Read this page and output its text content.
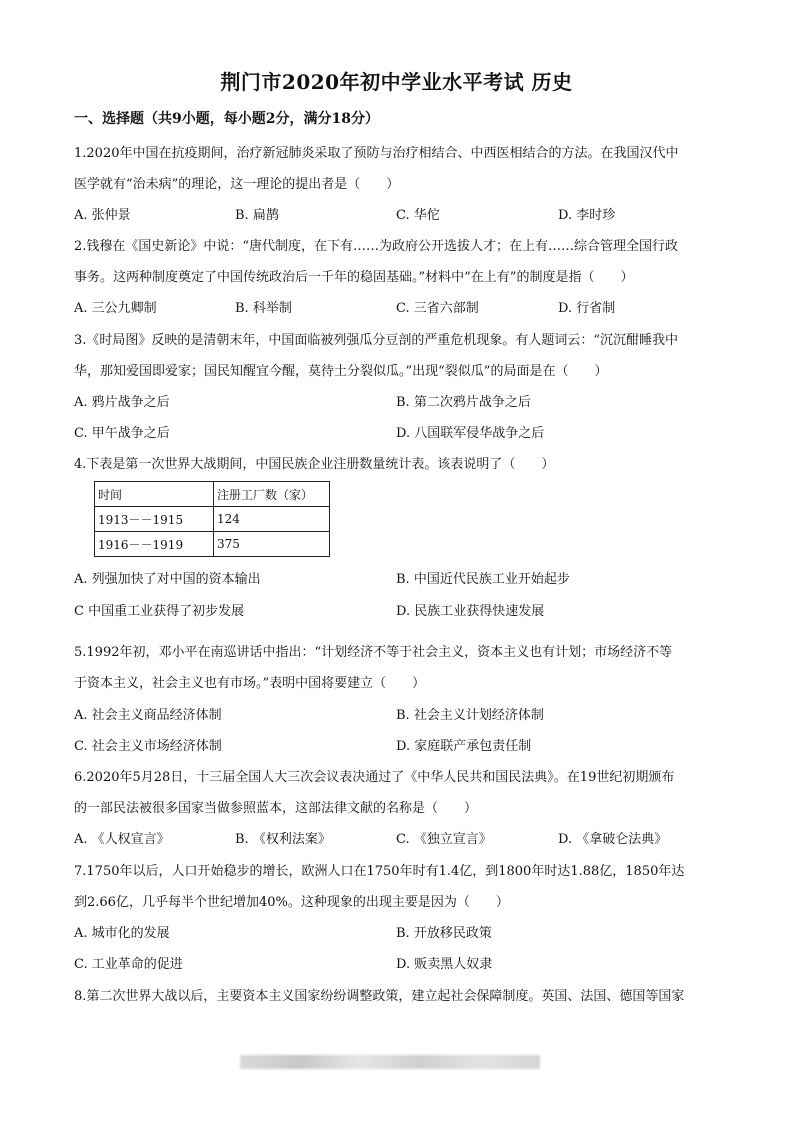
荆门市2020年初中学业水平考试 历史
一、选择题（共9小题，每小题2分，满分18分）
1.2020年中国在抗疫期间，治疗新冠肺炎采取了预防与治疗相结合、中西医相结合的方法。在我国汉代中
医学就有“治未病”的理论，这一理论的提出者是（　　）
A. 张仲景	B. 扁鹊	C. 华佗	D. 李时珍
2.钱穆在《国史新论》中说：“唐代制度，在下有……为政府公开选拔人才；在上有……综合管理全国行政
事务。这两种制度奠定了中国传统政治后一千年的稳固基础。”材料中“在上有”的制度是指（　　）
A. 三公九卿制	B. 科举制	C. 三省六部制	D. 行省制
3.《时局图》反映的是清朝末年，中国面临被列强瓜分豆剖的严重危机现象。有人题词云：“沉沉酣睡我中
华，那知爱国即爱家；国民知醒宜今醒，莫待土分裂似瓜。”出现“裂似瓜”的局面是在（　　）
A. 鸦片战争之后	B. 第二次鸦片战争之后
C. 甲午战争之后	D. 八国联军侵华战争之后
4.下表是第一次世界大战期间，中国民族企业注册数量统计表。该表说明了（　　）
时间	注册工厂数（家）
1913－－1915	124
1916－－1919	375
A. 列强加快了对中国的资本输出	B. 中国近代民族工业开始起步
C 中国重工业获得了初步发展	D. 民族工业获得快速发展
5.1992年初，邓小平在南巡讲话中指出：“计划经济不等于社会主义，资本主义也有计划；市场经济不等
于资本主义，社会主义也有市场。”表明中国将要建立（　　）
A. 社会主义商品经济体制	B. 社会主义计划经济体制
C. 社会主义市场经济体制	D. 家庭联产承包责任制
6.2020年5月28日，十三届全国人大三次会议表决通过了《中华人民共和国民法典》。在19世纪初期颁布
的一部民法被很多国家当做参照蓝本，这部法律文献的名称是（　　）
A. 《人权宣言》	B. 《权利法案》	C. 《独立宣言》	D. 《拿破仑法典》
7.1750年以后，人口开始稳步的增长，欧洲人口在1750年时有1.4亿，到1800年时达1.88亿，1850年达
到2.66亿，几乎每半个世纪增加40%。这种现象的出现主要是因为（　　）
A. 城市化的发展	B. 开放移民政策
C. 工业革命的促进	D. 贩卖黑人奴隶
8.第二次世界大战以后，主要资本主义国家纷纷调整政策，建立起社会保障制度。英国、法国、德国等国家
